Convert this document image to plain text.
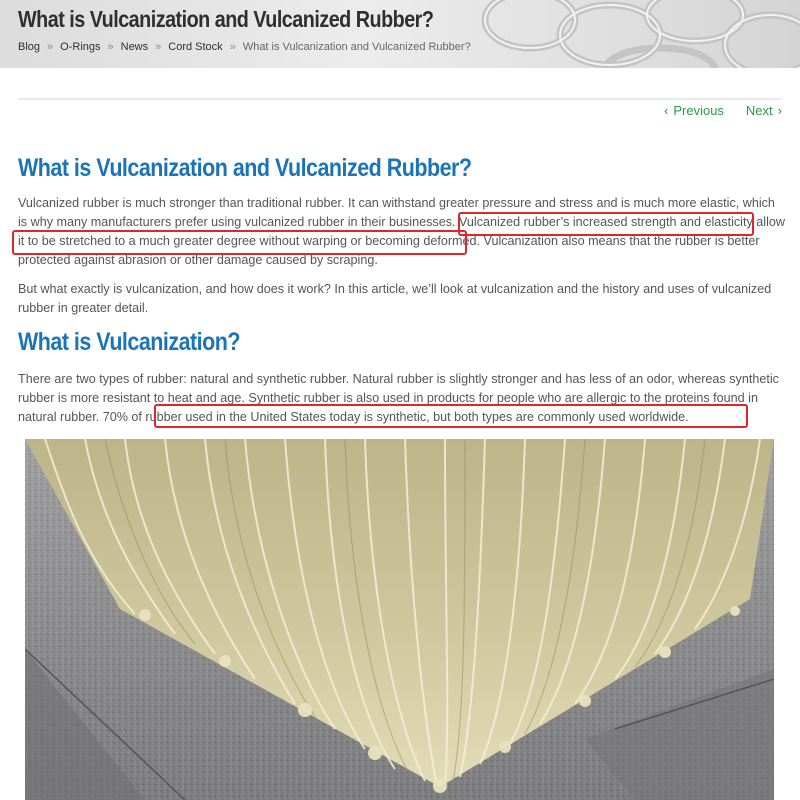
What is Vulcanization and Vulcanized Rubber?
Blog » O-Rings » News » Cord Stock » What is Vulcanization and Vulcanized Rubber?
‹ Previous Next ›
What is Vulcanization and Vulcanized Rubber?

Vulcanized rubber is much stronger than traditional rubber. It can withstand greater pressure and stress and is much more elastic, which is why many manufacturers prefer using vulcanized rubber in their businesses. Vulcanized rubber’s increased strength and elasticity allow it to be stretched to a much greater degree without warping or becoming deformed. Vulcanization also means that the rubber is better protected against abrasion or other damage caused by scraping.

But what exactly is vulcanization, and how does it work? In this article, we’ll look at vulcanization and the history and uses of vulcanized rubber in greater detail.

What is Vulcanization?

There are two types of rubber: natural and synthetic rubber. Natural rubber is slightly stronger and has less of an odor, whereas synthetic rubber is more resistant to heat and age. Synthetic rubber is also used in products for people who are allergic to the proteins found in natural rubber. 70% of rubber used in the United States today is synthetic, but both types are commonly used worldwide.
